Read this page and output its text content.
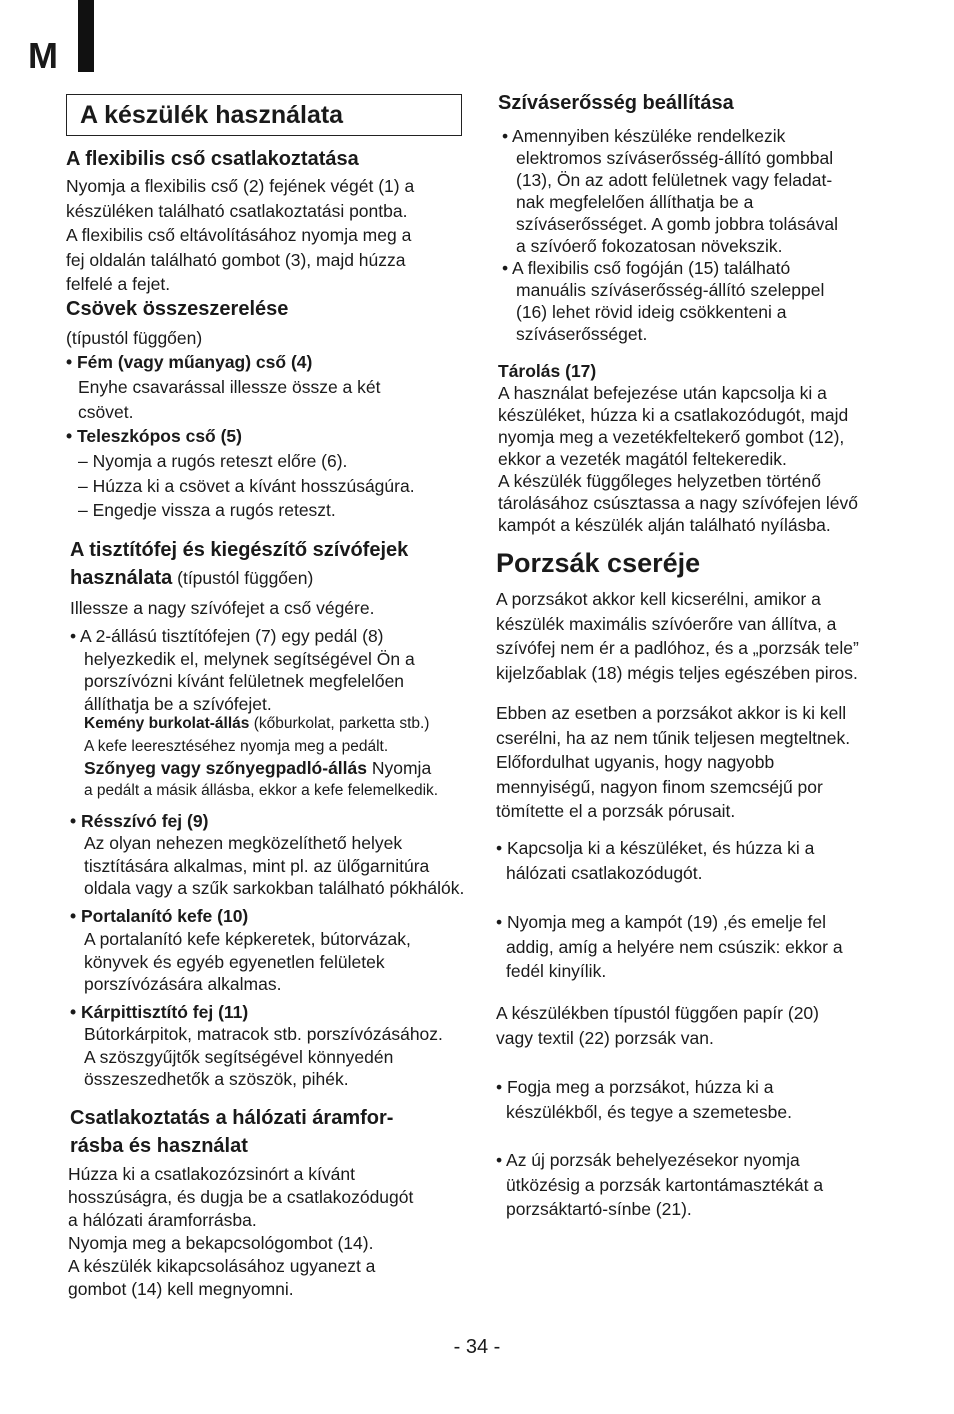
M
A készülék használata
A flexibilis cső csatlakoztatása
Nyomja a flexibilis cső (2) fejének végét (1) a
készüléken található csatlakoztatási pontba.
A flexibilis cső eltávolításához nyomja meg a
fej oldalán található gombot (3), majd húzza
felfelé a fejet.
Csövek összeszerelése
(típustól függően)
• Fém (vagy műanyag) cső (4)
Enyhe csavarással illessze össze a két
csövet.
• Teleszkópos cső (5)
– Nyomja a rugós reteszt előre (6).
– Húzza ki a csövet a kívánt hosszúságúra.
– Engedje vissza a rugós reteszt.
A tisztítófej és kiegészítő szívófejek
használata (típustól függően)
Illessze a nagy szívófejet a cső végére.
• A 2-állású tisztítófejen (7) egy pedál (8)
helyezkedik el, melynek segítségével Ön a
porszívózni kívánt felületnek megfelelően
állíthatja be a szívófejet.
Kemény burkolat-állás (kőburkolat, parketta stb.)
A kefe leeresztéséhez nyomja meg a pedált.
Szőnyeg vagy szőnyegpadló-állás Nyomja
a pedált a másik állásba, ekkor a kefe felemelkedik.
• Résszívó fej (9)
Az olyan nehezen megközelíthető helyek
tisztítására alkalmas, mint pl. az ülőgarnitúra
oldala vagy a szűk sarkokban található pókhálók.
• Portalanító kefe (10)
A portalanító kefe képkeretek, bútorvázak,
könyvek és egyéb egyenetlen felületek
porszívózására alkalmas.
• Kárpittisztító fej (11)
Bútorkárpitok, matracok stb. porszívózásához.
A szöszgyűjtők segítségével könnyedén
összeszedhetők a szöszök, pihék.
Csatlakoztatás a hálózati áramfor-
rásba és használat
Húzza ki a csatlakozózsinórt a kívánt
hosszúságra, és dugja be a csatlakozódugót
a hálózati áramforrásba.
Nyomja meg a bekapcsológombot (14).
A készülék kikapcsolásához ugyanezt a
gombot (14) kell megnyomni.
Szíváserősség beállítása
• Amennyiben készüléke rendelkezik
elektromos szíváserősség-állító gombbal
(13), Ön az adott felületnek vagy feladat-
nak megfelelően állíthatja be a
szíváserősséget. A gomb jobbra tolásával
a szívóerő fokozatosan növekszik.
• A flexibilis cső fogóján (15) található
manuális szíváserősség-állító szeleppel
(16) lehet rövid ideig csökkenteni a
szíváserősséget.
Tárolás (17)
A használat befejezése után kapcsolja ki a
készüléket, húzza ki a csatlakozódugót, majd
nyomja meg a vezetékfeltekerő gombot (12),
ekkor a vezeték magától feltekeredik.
A készülék függőleges helyzetben történő
tárolásához csúsztassa a nagy szívófejen lévő
kampót a készülék alján található nyílásba.
Porzsák cseréje
A porzsákot akkor kell kicserélni, amikor a
készülék maximális szívóerőre van állítva, a
szívófej nem ér a padlóhoz, és a „porzsák tele”
kijelzőablak (18) mégis teljes egészében piros.
Ebben az esetben a porzsákot akkor is ki kell
cserélni, ha az nem tűnik teljesen megteltnek.
Előfordulhat ugyanis, hogy nagyobb
mennyiségű, nagyon finom szemcséjű por
tömítette el a porzsák pórusait.
• Kapcsolja ki a készüléket, és húzza ki a
hálózati csatlakozódugót.
• Nyomja meg a kampót (19) ,és emelje fel
addig, amíg a helyére nem csúszik: ekkor a
fedél kinyílik.
A készülékben típustól függően papír (20)
vagy textil (22) porzsák van.
• Fogja meg a porzsákot, húzza ki a
készülékből, és tegye a szemetesbe.
• Az új porzsák behelyezésekor nyomja
ütközésig a porzsák kartontámasztékát a
porzsáktartó-sínbe (21).
- 34 -
